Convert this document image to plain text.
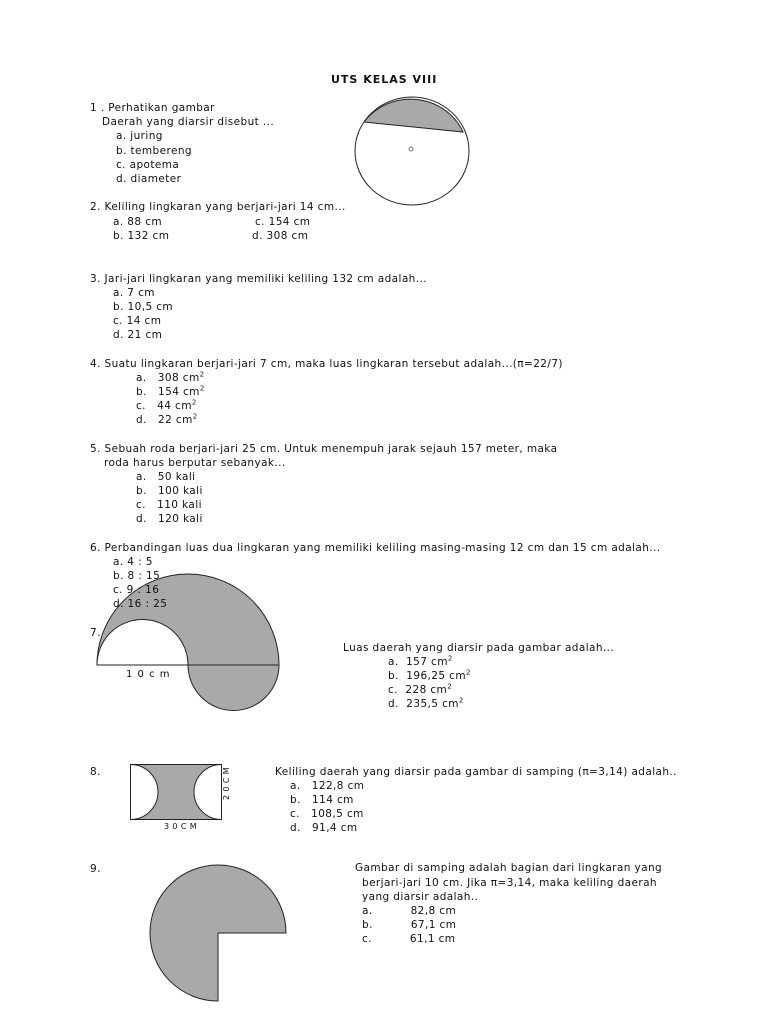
UTS KELAS VIII
1 . Perhatikan gambar
Daerah yang diarsir disebut ...
a. juring
b. tembereng
c. apotema
d. diameter
2. Keliling lingkaran yang berjari-jari 14 cm...
a. 88 cm	c. 154 cm
b. 132 cm	d. 308 cm
3. Jari-jari lingkaran yang memiliki keliling 132 cm adalah...
a. 7 cm
b. 10,5 cm
c. 14 cm
d. 21 cm
4. Suatu lingkaran berjari-jari 7 cm, maka luas lingkaran tersebut adalah...(π=22/7)
a. 308 $cm^2$
b. 154 $cm^2$
c. 44 $cm^2$
d. 22 $cm^2$
5. Sebuah roda berjari-jari 25 cm. Untuk menempuh jarak sejauh 157 meter, maka
roda harus berputar sebanyak...
a. 50 kali
b. 100 kali
c. 110 kali
d. 120 kali
1 0 c m
6. Perbandingan luas dua lingkaran yang memiliki keliling masing-masing 12 cm dan 15 cm adalah...
a. 4 : 5
b. 8 : 15
c. 9 : 16
d. 16 : 25
7.
Luas daerah yang diarsir pada gambar adalah...
a. 157 $cm^2$
b. 196,25 $cm^2$
c. 228 $cm^2$
d. 235,5 $cm^2$
8.
3 0 C M
2 0 C M	Keliling daerah yang diarsir pada gambar di samping (π=3,14) adalah..
a. 122,8 cm
b. 114 cm
c. 108,5 cm
d. 91,4 cm
9.	Gambar di samping adalah bagian dari lingkaran yang
berjari-jari 10 cm. Jika π=3,14, maka keliling daerah
yang diarsir adalah..
a.	82,8 cm
b.	67,1 cm
c.	61,1 cm
